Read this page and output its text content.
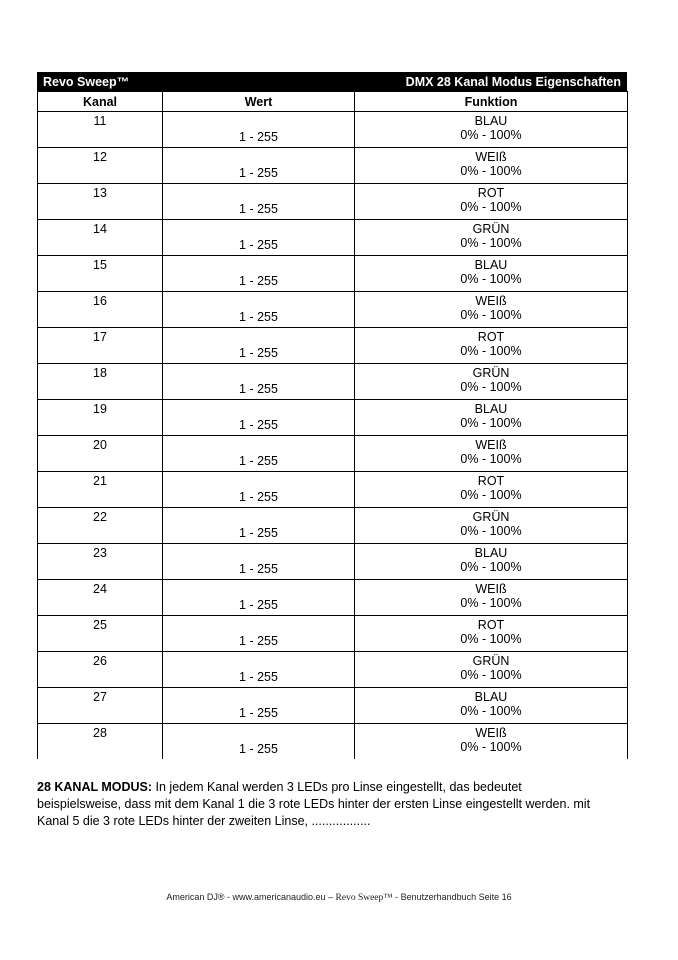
Revo Sweep™	DMX 28 Kanal Modus Eigenschaften
Kanal	Wert	Funktion

11	1 - 255	BLAU
0% - 100%

12	1 - 255	WEIß
0% - 100%

13	1 - 255	ROT
0% - 100%

14	1 - 255	GRÜN
0% - 100%

15	1 - 255	BLAU
0% - 100%

16	1 - 255	WEIß
0% - 100%

17	1 - 255	ROT
0% - 100%

18	1 - 255	GRÜN
0% - 100%

19	1 - 255	BLAU
0% - 100%

20	1 - 255	WEIß
0% - 100%

21	1 - 255	ROT
0% - 100%

22	1 - 255	GRÜN
0% - 100%

23	1 - 255	BLAU
0% - 100%

24	1 - 255	WEIß
0% - 100%

25	1 - 255	ROT
0% - 100%

26	1 - 255	GRÜN
0% - 100%

27	1 - 255	BLAU
0% - 100%

28	1 - 255	WEIß
0% - 100%
28 KANAL MODUS: In jedem Kanal werden 3 LEDs pro Linse eingestellt, das bedeutet beispielsweise, dass mit dem Kanal 1 die 3 rote LEDs hinter der ersten Linse eingestellt werden. mit Kanal 5 die 3 rote LEDs hinter der zweiten Linse, .................
American DJ® - www.americanaudio.eu – Revo Sweep™ - Benutzerhandbuch Seite 16
